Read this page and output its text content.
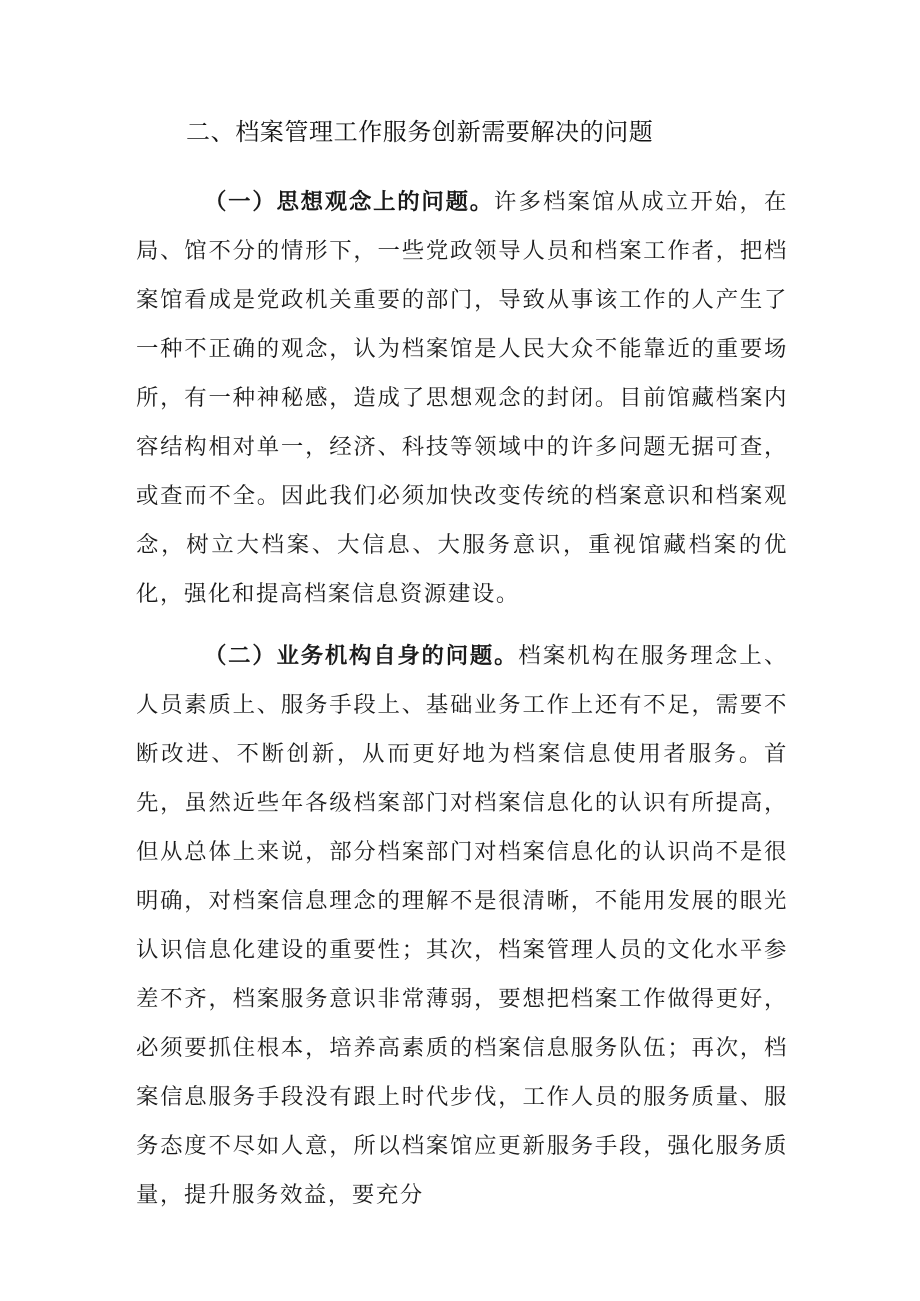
二、档案管理工作服务创新需要解决的问题

（一）思想观念上的问题。许多档案馆从成立开始，在局、馆不分的情形下，一些党政领导人员和档案工作者，把档案馆看成是党政机关重要的部门，导致从事该工作的人产生了一种不正确的观念，认为档案馆是人民大众不能靠近的重要场所，有一种神秘感，造成了思想观念的封闭。目前馆藏档案内容结构相对单一，经济、科技等领域中的许多问题无据可查，或查而不全。因此我们必须加快改变传统的档案意识和档案观念，树立大档案、大信息、大服务意识，重视馆藏档案的优化，强化和提高档案信息资源建设。

（二）业务机构自身的问题。档案机构在服务理念上、人员素质上、服务手段上、基础业务工作上还有不足，需要不断改进、不断创新，从而更好地为档案信息使用者服务。首先，虽然近些年各级档案部门对档案信息化的认识有所提高，但从总体上来说，部分档案部门对档案信息化的认识尚不是很明确，对档案信息理念的理解不是很清晰，不能用发展的眼光认识信息化建设的重要性；其次，档案管理人员的文化水平参差不齐，档案服务意识非常薄弱，要想把档案工作做得更好，必须要抓住根本，培养高素质的档案信息服务队伍；再次，档案信息服务手段没有跟上时代步伐，工作人员的服务质量、服务态度不尽如人意，所以档案馆应更新服务手段，强化服务质量，提升服务效益，要充分
